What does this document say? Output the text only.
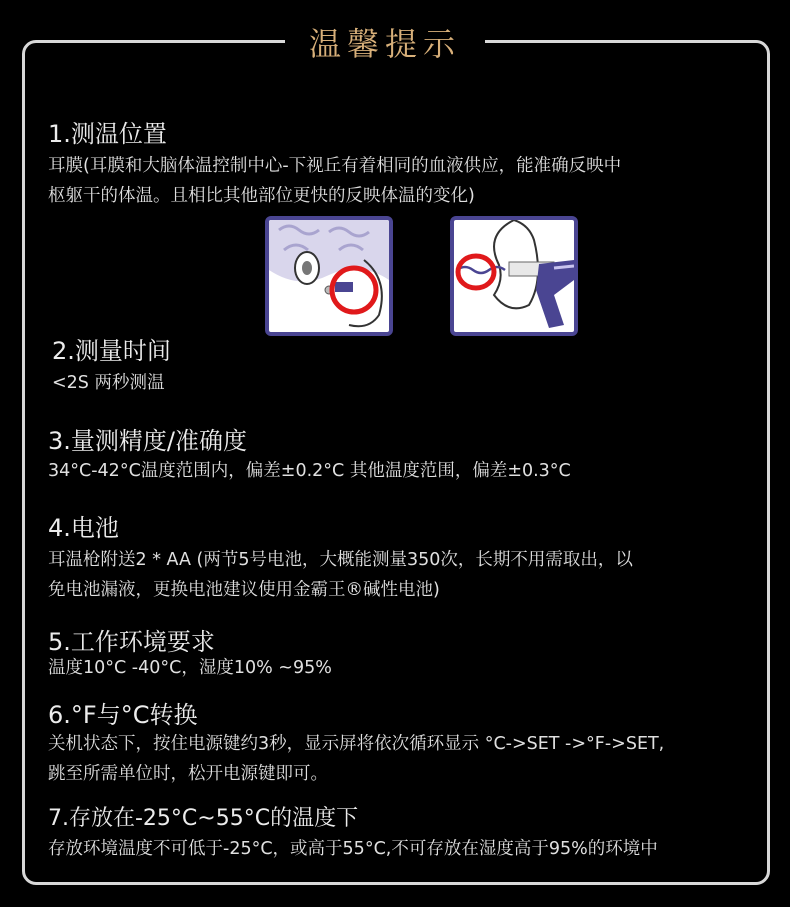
温馨提示
1.测温位置
耳膜(耳膜和大脑体温控制中心-下视丘有着相同的血液供应，能准确反映中
枢躯干的体温。且相比其他部位更快的反映体温的变化)
2.测量时间
<2S 两秒测温
3.量测精度/准确度
34°C-42°C温度范围内，偏差±0.2°C 其他温度范围，偏差±0.3°C
4.电池
耳温枪附送2 * AA (两节5号电池，大概能测量350次，长期不用需取出，以
免电池漏液，更换电池建议使用金霸王®碱性电池)
5.工作环境要求
温度10°C -40°C，湿度10% ~95%
6.°F与°C转换
关机状态下，按住电源键约3秒，显示屏将依次循环显示 °C->SET ->°F->SET,
跳至所需单位时，松开电源键即可。
7.存放在-25°C~55°C的温度下
存放环境温度不可低于-25°C，或高于55°C,不可存放在湿度高于95%的环境中
